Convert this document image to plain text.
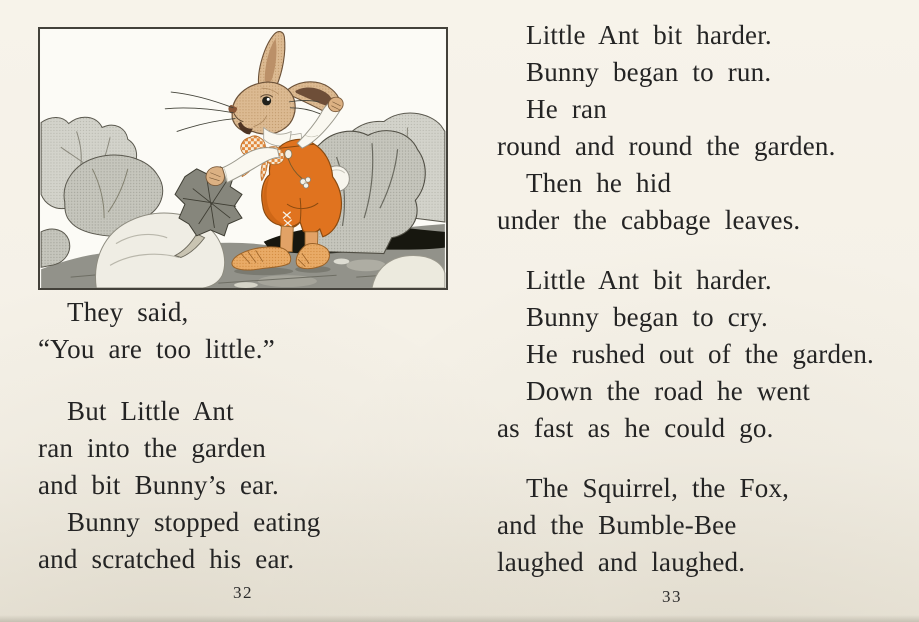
They said,
“You are too little.”

But Little Ant
ran into the garden
and bit Bunny’s ear.
Bunny stopped eating
and scratched his ear.

32

Little Ant bit harder.
Bunny began to run.
He ran
round and round the garden.
Then he hid
under the cabbage leaves.

Little Ant bit harder.
Bunny began to cry.
He rushed out of the garden.
Down the road he went
as fast as he could go.

The Squirrel, the Fox,
and the Bumble-Bee
laughed and laughed.

33
